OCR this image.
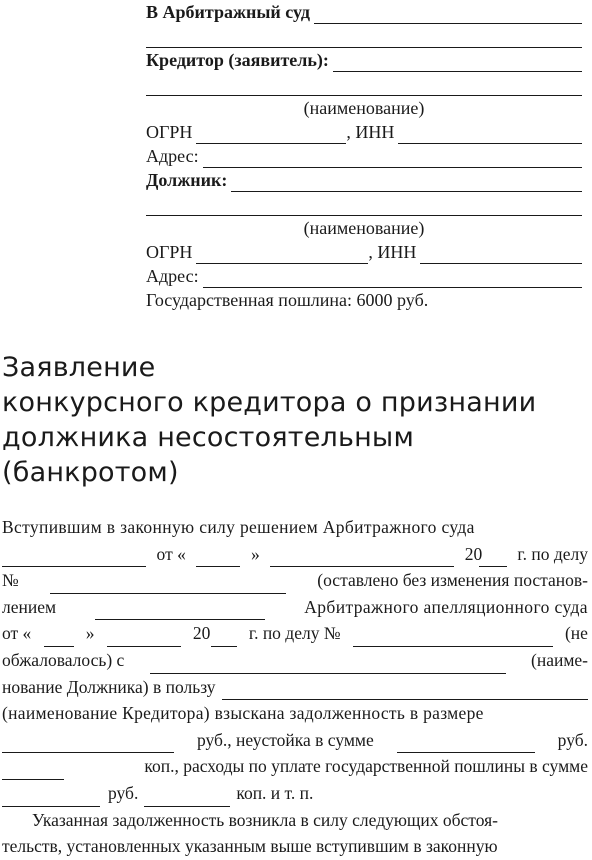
В Арбитражный суд
Кредитор (заявитель):
(наименование)
ОГРН	, ИНН
Адрес:
Должник:
(наименование)
ОГРН	, ИНН
Адрес:
Государственная пошлина: 6000 руб.
Заявление
конкурсного кредитора о признании
должника несостоятельным
(банкротом)
Вступившим в законную силу решением Арбитражного суда
от «	»	20 г. по делу
№	(оставлено без изменения постанов-
лением	Арбитражного апелляционного суда
от «	»	20 г. по делу №	(не
обжаловалось) с	(наиме-
нование Должника) в пользу
(наименование Кредитора) взыскана задолженность в размере
руб., неустойка в сумме	руб.
коп., расходы по уплате государственной пошлины в сумме
руб.	коп. и т. п.
Указанная задолженность возникла в силу следующих обстоя-
тельств, установленных указанным выше вступившим в законную
